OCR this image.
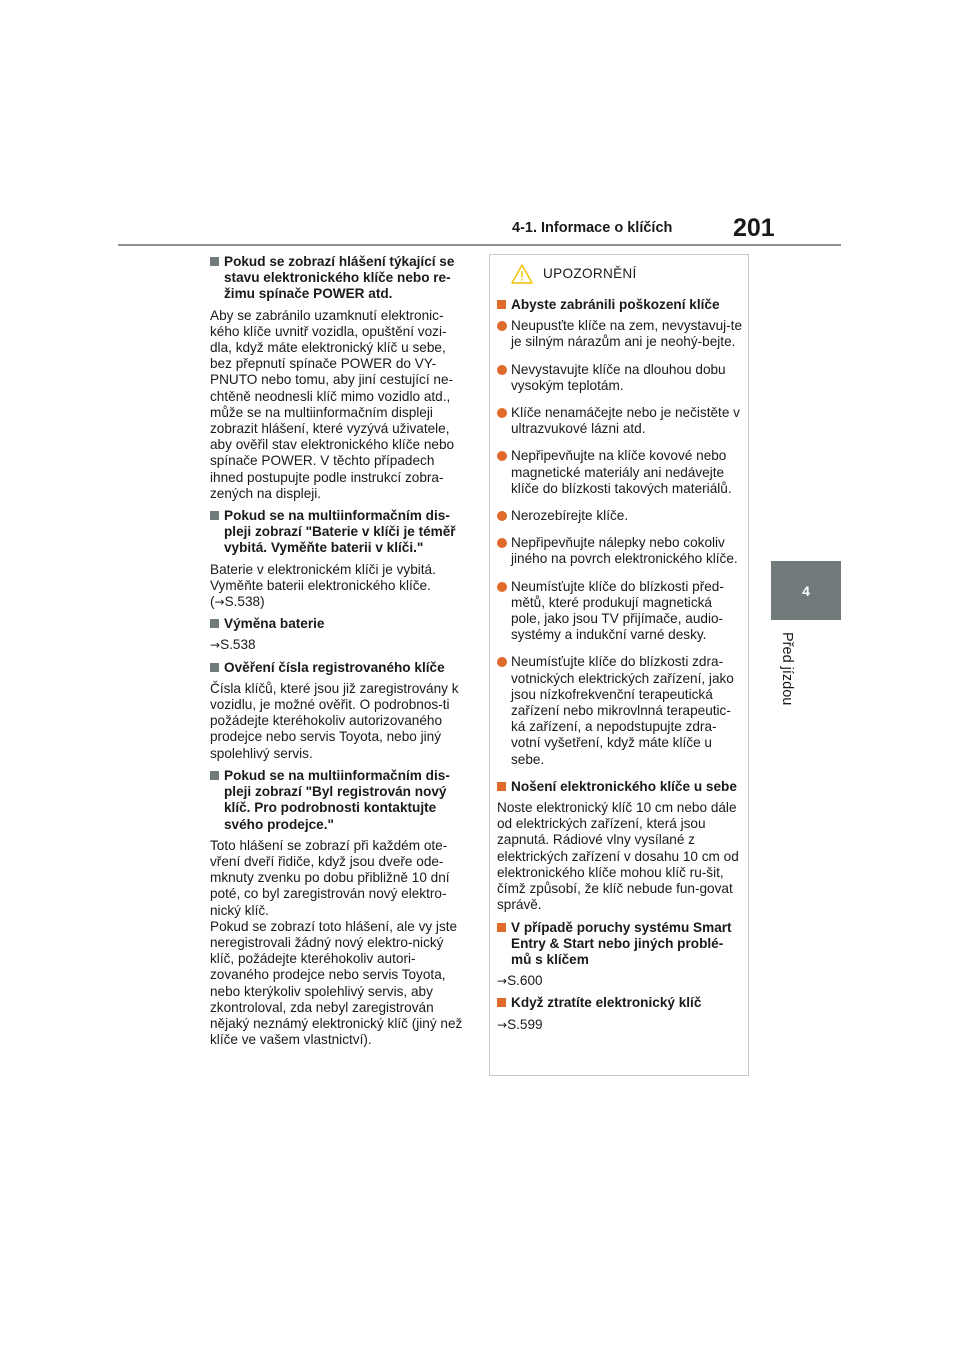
4-1. Informace o klíčích 201
4
Před jízdou
Pokud se zobrazí hlášení týkající se stavu elektronického klíče nebo re-žimu spínače POWER atd.

Aby se zabránilo uzamknutí elektronic-kého klíče uvnitř vozidla, opuštění vozi-dla, když máte elektronický klíč u sebe, bez přepnutí spínače POWER do VY-PNUTO nebo tomu, aby jiní cestující ne-chtěně neodnesli klíč mimo vozidlo atd., může se na multiinformačním displeji zobrazit hlášení, které vyzývá uživatele, aby ověřil stav elektronického klíče nebo spínače POWER. V těchto případech ihned postupujte podle instrukcí zobra-zených na displeji.

Pokud se na multiinformačním dis-pleji zobrazí "Baterie v klíči je téměř vybitá. Vyměňte baterii v klíči."

Baterie v elektronickém klíči je vybitá. Vyměňte baterii elektronického klíče.

(→S.538)

Výměna baterie

→S.538

Ověření čísla registrovaného klíče

Čísla klíčů, které jsou již zaregistrovány k vozidlu, je možné ověřit. O podrobnos-ti požádejte kteréhokoliv autorizovaného prodejce nebo servis Toyota, nebo jiný spolehlivý servis.

Pokud se na multiinformačním dis-pleji zobrazí "Byl registrován nový klíč. Pro podrobnosti kontaktujte svého prodejce."

Toto hlášení se zobrazí při každém ote-vření dveří řidiče, když jsou dveře ode-mknuty zvenku po dobu přibližně 10 dní poté, co byl zaregistrován nový elektro-nický klíč.

Pokud se zobrazí toto hlášení, ale vy jste neregistrovali žádný nový elektro-nický klíč, požádejte kteréhokoliv autori-zovaného prodejce nebo servis Toyota, nebo kterýkoliv spolehlivý servis, aby zkontroloval, zda nebyl zaregistrován nějaký neznámý elektronický klíč (jiný než klíče ve vašem vlastnictví).

UPOZORNĚNÍ
Abyste zabránili poškození klíče
Neupusťte klíče na zem, nevystavuj-te je silným nárazům ani je neohý-bejte.
Nevystavujte klíče na dlouhou dobu vysokým teplotám.
Klíče nenamáčejte nebo je nečistěte v ultrazvukové lázni atd.
Nepřipevňujte na klíče kovové nebo magnetické materiály ani nedávejte klíče do blízkosti takových materiálů.
Nerozebírejte klíče.
Nepřipevňujte nálepky nebo cokoliv jiného na povrch elektronického klíče.
Neumísťujte klíče do blízkosti před-mětů, které produkují magnetická pole, jako jsou TV přijímače, audio-systémy a indukční varné desky.
Neumísťujte klíče do blízkosti zdra-votnických elektrických zařízení, jako jsou nízkofrekvenční terapeutická zařízení nebo mikrovlnná terapeutic-ká zařízení, a nepodstupujte zdra-votní vyšetření, když máte klíče u sebe.
Nošení elektronického klíče u sebe

Noste elektronický klíč 10 cm nebo dále od elektrických zařízení, která jsou zapnutá. Rádiové vlny vysílané z elektrických zařízení v dosahu 10 cm od elektronického klíče mohou klíč ru-šit, čímž způsobí, že klíč nebude fun-govat správě.

V případě poruchy systému Smart Entry & Start nebo jiných problé-mů s klíčem

→S.600

Když ztratíte elektronický klíč

→S.599
